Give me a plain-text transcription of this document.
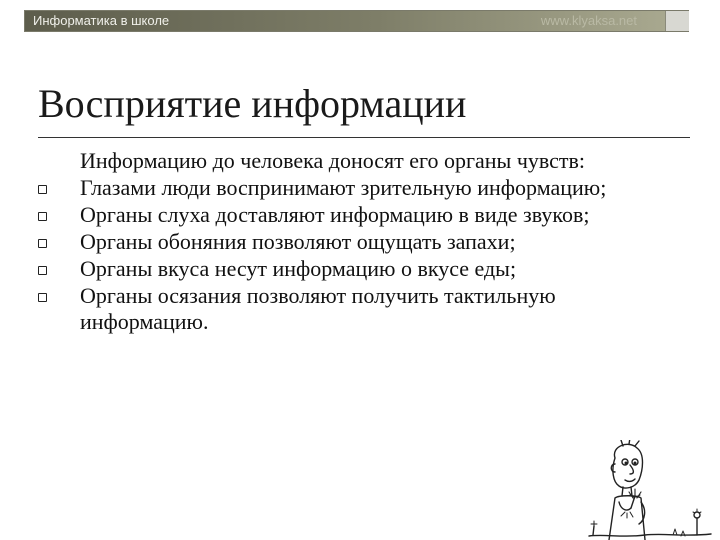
Информатика в школе	www.klyaksa.net
Восприятие информации
Информацию до человека доносят его органы чувств:
Глазами люди воспринимают зрительную информацию;
Органы слуха доставляют информацию в виде звуков;
Органы обоняния позволяют ощущать запахи;
Органы вкуса несут информацию о вкусе еды;
Органы осязания позволяют получить тактильную информацию.
